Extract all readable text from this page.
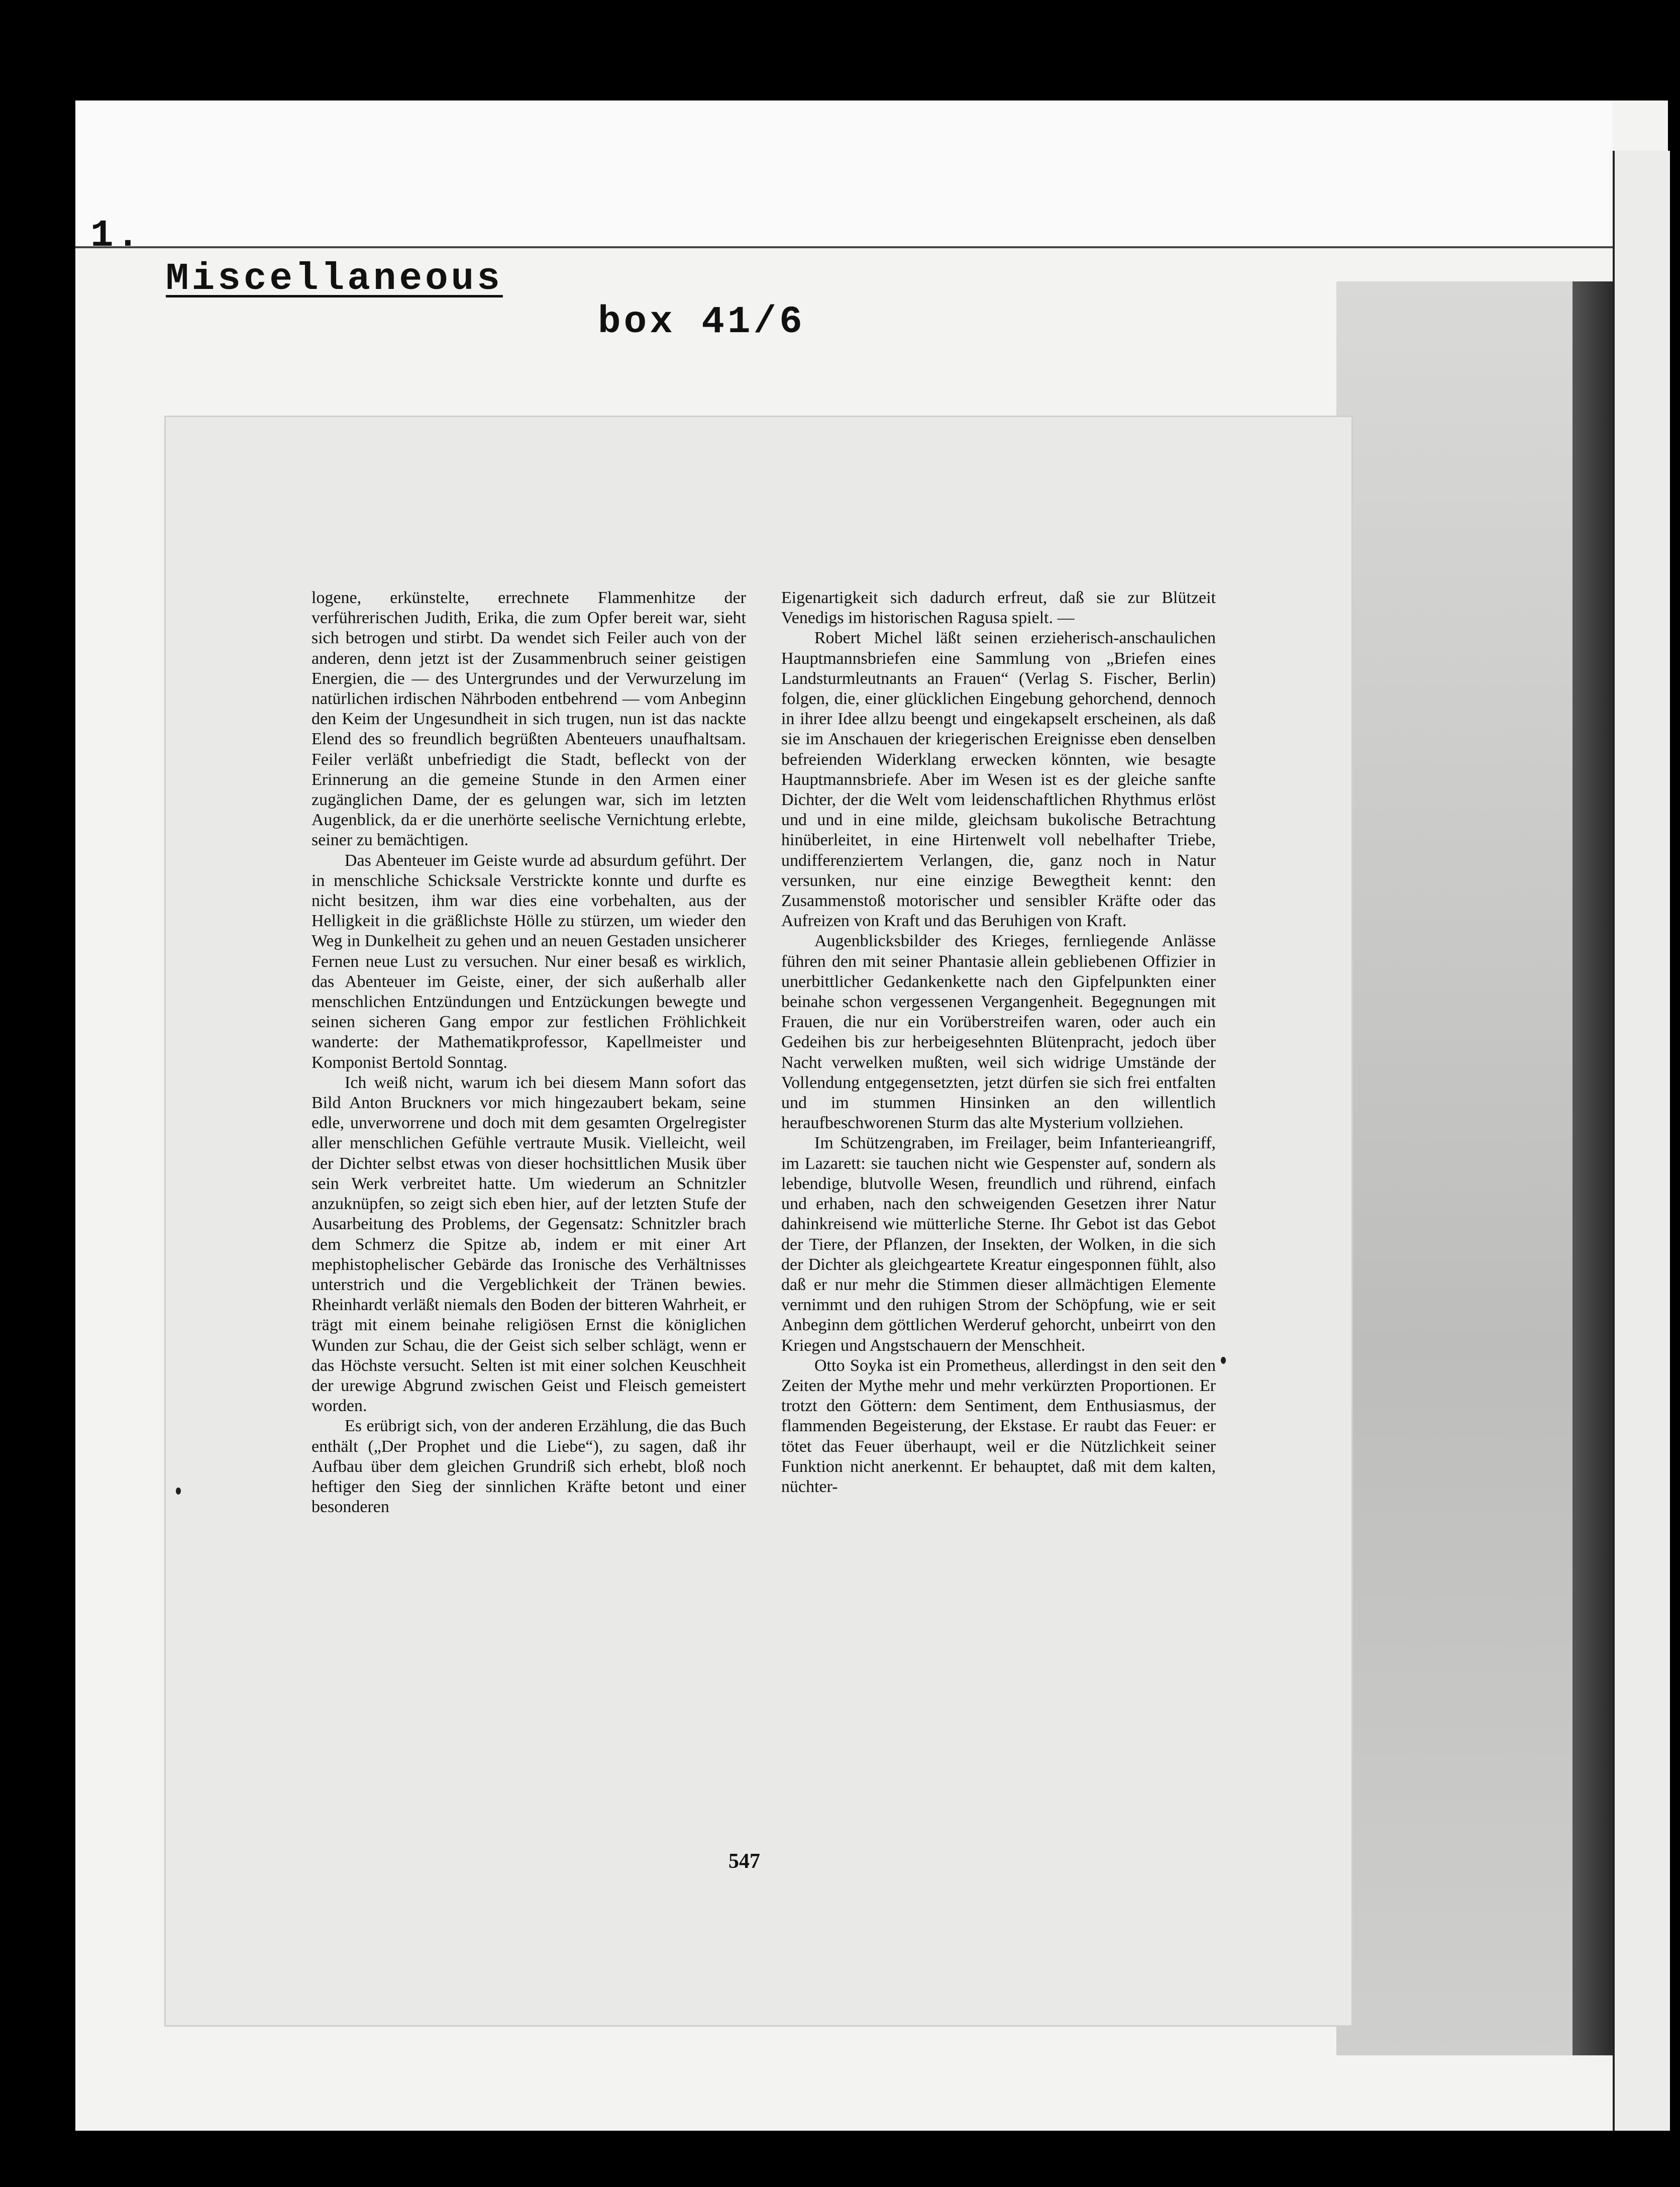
1.

Miscellaneous

box 41/6

logene, erkünstelte, errechnete Flammenhitze der verführerischen Judith, Erika, die zum Opfer bereit war, sieht sich betrogen und stirbt. Da wendet sich Feiler auch von der anderen, denn jetzt ist der Zusammenbruch seiner geistigen Energien, die — des Untergrundes und der Verwurzelung im natürlichen irdischen Nährboden entbehrend — vom Anbeginn den Keim der Ungesundheit in sich trugen, nun ist das nackte Elend des so freundlich begrüßten Abenteuers unaufhaltsam. Feiler verläßt unbefriedigt die Stadt, befleckt von der Erinnerung an die gemeine Stunde in den Armen einer zugänglichen Dame, der es gelungen war, sich im letzten Augenblick, da er die unerhörte seelische Vernichtung erlebte, seiner zu bemächtigen.

Das Abenteuer im Geiste wurde ad absurdum geführt. Der in menschliche Schicksale Verstrickte konnte und durfte es nicht besitzen, ihm war dies eine vorbehalten, aus der Helligkeit in die gräßlichste Hölle zu stürzen, um wieder den Weg in Dunkelheit zu gehen und an neuen Gestaden unsicherer Fernen neue Lust zu versuchen. Nur einer besaß es wirklich, das Abenteuer im Geiste, einer, der sich außerhalb aller menschlichen Entzündungen und Entzückungen bewegte und seinen sicheren Gang empor zur festlichen Fröhlichkeit wanderte: der Mathematikprofessor, Kapellmeister und Komponist Bertold Sonntag.

Ich weiß nicht, warum ich bei diesem Mann sofort das Bild Anton Bruckners vor mich hingezaubert bekam, seine edle, unverworrene und doch mit dem gesamten Orgelregister aller menschlichen Gefühle vertraute Musik. Vielleicht, weil der Dichter selbst etwas von dieser hochsittlichen Musik über sein Werk verbreitet hatte. Um wiederum an Schnitzler anzuknüpfen, so zeigt sich eben hier, auf der letzten Stufe der Ausarbeitung des Problems, der Gegensatz: Schnitzler brach dem Schmerz die Spitze ab, indem er mit einer Art mephistophelischer Gebärde das Ironische des Verhältnisses unterstrich und die Vergeblichkeit der Tränen bewies. Rheinhardt verläßt niemals den Boden der bitteren Wahrheit, er trägt mit einem beinahe religiösen Ernst die königlichen Wunden zur Schau, die der Geist sich selber schlägt, wenn er das Höchste versucht. Selten ist mit einer solchen Keuschheit der urewige Abgrund zwischen Geist und Fleisch gemeistert worden.

Es erübrigt sich, von der anderen Erzählung, die das Buch enthält („Der Prophet und die Liebe“), zu sagen, daß ihr Aufbau über dem gleichen Grundriß sich erhebt, bloß noch heftiger den Sieg der sinnlichen Kräfte betont und einer besonderen

Eigenartigkeit sich dadurch erfreut, daß sie zur Blützeit Venedigs im historischen Ragusa spielt. —

Robert Michel läßt seinen erzieherisch-anschaulichen Hauptmannsbriefen eine Sammlung von „Briefen eines Landsturmleutnants an Frauen“ (Verlag S. Fischer, Berlin) folgen, die, einer glücklichen Eingebung gehorchend, dennoch in ihrer Idee allzu beengt und eingekapselt erscheinen, als daß sie im Anschauen der kriegerischen Ereignisse eben denselben befreienden Widerklang erwecken könnten, wie besagte Hauptmannsbriefe. Aber im Wesen ist es der gleiche sanfte Dichter, der die Welt vom leidenschaftlichen Rhythmus erlöst und und in eine milde, gleichsam bukolische Betrachtung hinüberleitet, in eine Hirtenwelt voll nebelhafter Triebe, undifferenziertem Verlangen, die, ganz noch in Natur versunken, nur eine einzige Bewegtheit kennt: den Zusammenstoß motorischer und sensibler Kräfte oder das Aufreizen von Kraft und das Beruhigen von Kraft.

Augenblicksbilder des Krieges, fernliegende Anlässe führen den mit seiner Phantasie allein gebliebenen Offizier in unerbittlicher Gedankenkette nach den Gipfelpunkten einer beinahe schon vergessenen Vergangenheit. Begegnungen mit Frauen, die nur ein Vorüberstreifen waren, oder auch ein Gedeihen bis zur herbeigesehnten Blütenpracht, jedoch über Nacht verwelken mußten, weil sich widrige Umstände der Vollendung entgegensetzten, jetzt dürfen sie sich frei entfalten und im stummen Hinsinken an den willentlich heraufbeschworenen Sturm das alte Mysterium vollziehen.

Im Schützengraben, im Freilager, beim Infanterieangriff, im Lazarett: sie tauchen nicht wie Gespenster auf, sondern als lebendige, blutvolle Wesen, freundlich und rührend, einfach und erhaben, nach den schweigenden Gesetzen ihrer Natur dahinkreisend wie mütterliche Sterne. Ihr Gebot ist das Gebot der Tiere, der Pflanzen, der Insekten, der Wolken, in die sich der Dichter als gleichgeartete Kreatur eingesponnen fühlt, also daß er nur mehr die Stimmen dieser allmächtigen Elemente vernimmt und den ruhigen Strom der Schöpfung, wie er seit Anbeginn dem göttlichen Werderuf gehorcht, unbeirrt von den Kriegen und Angstschauern der Menschheit.

Otto Soyka ist ein Prometheus, allerdingst in den seit den Zeiten der Mythe mehr und mehr verkürzten Proportionen. Er trotzt den Göttern: dem Sentiment, dem Enthusiasmus, der flammenden Begeisterung, der Ekstase. Er raubt das Feuer: er tötet das Feuer überhaupt, weil er die Nützlichkeit seiner Funktion nicht anerkennt. Er behauptet, daß mit dem kalten, nüchter-

547
